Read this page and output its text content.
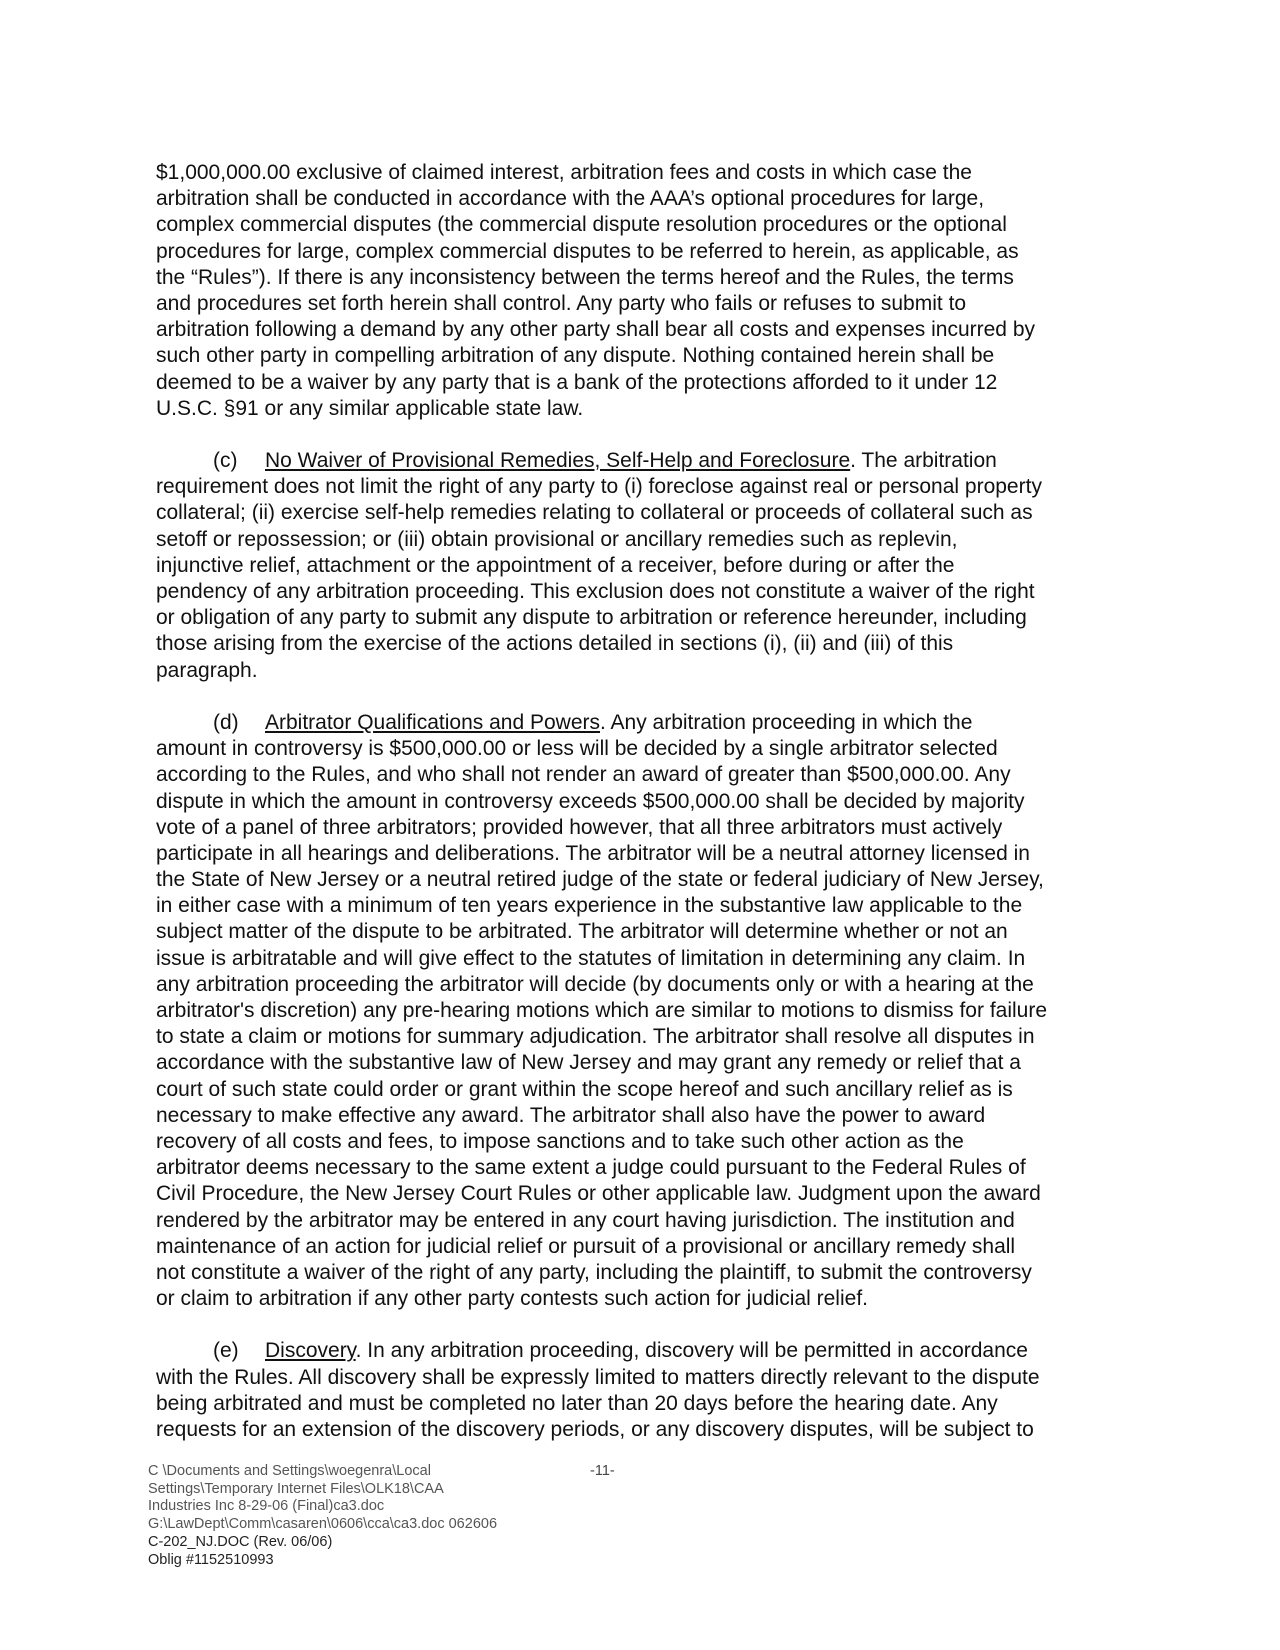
$1,000,000.00 exclusive of claimed interest, arbitration fees and costs in which case the
arbitration shall be conducted in accordance with the AAA’s optional procedures for large,
complex commercial disputes (the commercial dispute resolution procedures or the optional
procedures for large, complex commercial disputes to be referred to herein, as applicable, as
the “Rules”). If there is any inconsistency between the terms hereof and the Rules, the terms
and procedures set forth herein shall control. Any party who fails or refuses to submit to
arbitration following a demand by any other party shall bear all costs and expenses incurred by
such other party in compelling arbitration of any dispute. Nothing contained herein shall be
deemed to be a waiver by any party that is a bank of the protections afforded to it under 12
U.S.C. §91 or any similar applicable state law.
(c) No Waiver of Provisional Remedies, Self-Help and Foreclosure. The arbitration
requirement does not limit the right of any party to (i) foreclose against real or personal property
collateral; (ii) exercise self-help remedies relating to collateral or proceeds of collateral such as
setoff or repossession; or (iii) obtain provisional or ancillary remedies such as replevin,
injunctive relief, attachment or the appointment of a receiver, before during or after the
pendency of any arbitration proceeding. This exclusion does not constitute a waiver of the right
or obligation of any party to submit any dispute to arbitration or reference hereunder, including
those arising from the exercise of the actions detailed in sections (i), (ii) and (iii) of this
paragraph.
(d) Arbitrator Qualifications and Powers. Any arbitration proceeding in which the
amount in controversy is $500,000.00 or less will be decided by a single arbitrator selected
according to the Rules, and who shall not render an award of greater than $500,000.00. Any
dispute in which the amount in controversy exceeds $500,000.00 shall be decided by majority
vote of a panel of three arbitrators; provided however, that all three arbitrators must actively
participate in all hearings and deliberations. The arbitrator will be a neutral attorney licensed in
the State of New Jersey or a neutral retired judge of the state or federal judiciary of New Jersey,
in either case with a minimum of ten years experience in the substantive law applicable to the
subject matter of the dispute to be arbitrated. The arbitrator will determine whether or not an
issue is arbitratable and will give effect to the statutes of limitation in determining any claim. In
any arbitration proceeding the arbitrator will decide (by documents only or with a hearing at the
arbitrator's discretion) any pre-hearing motions which are similar to motions to dismiss for failure
to state a claim or motions for summary adjudication. The arbitrator shall resolve all disputes in
accordance with the substantive law of New Jersey and may grant any remedy or relief that a
court of such state could order or grant within the scope hereof and such ancillary relief as is
necessary to make effective any award. The arbitrator shall also have the power to award
recovery of all costs and fees, to impose sanctions and to take such other action as the
arbitrator deems necessary to the same extent a judge could pursuant to the Federal Rules of
Civil Procedure, the New Jersey Court Rules or other applicable law. Judgment upon the award
rendered by the arbitrator may be entered in any court having jurisdiction. The institution and
maintenance of an action for judicial relief or pursuit of a provisional or ancillary remedy shall
not constitute a waiver of the right of any party, including the plaintiff, to submit the controversy
or claim to arbitration if any other party contests such action for judicial relief.
(e) Discovery. In any arbitration proceeding, discovery will be permitted in accordance
with the Rules. All discovery shall be expressly limited to matters directly relevant to the dispute
being arbitrated and must be completed no later than 20 days before the hearing date. Any
requests for an extension of the discovery periods, or any discovery disputes, will be subject to
C \Documents and Settings\woegenra\Local
Settings\Temporary Internet Files\OLK18\CAA
Industries Inc 8-29-06 (Final)ca3.doc
G:\LawDept\Comm\casaren\0606\cca\ca3.doc 062606
C-202_NJ.DOC (Rev. 06/06)
Oblig #1152510993
-11-
